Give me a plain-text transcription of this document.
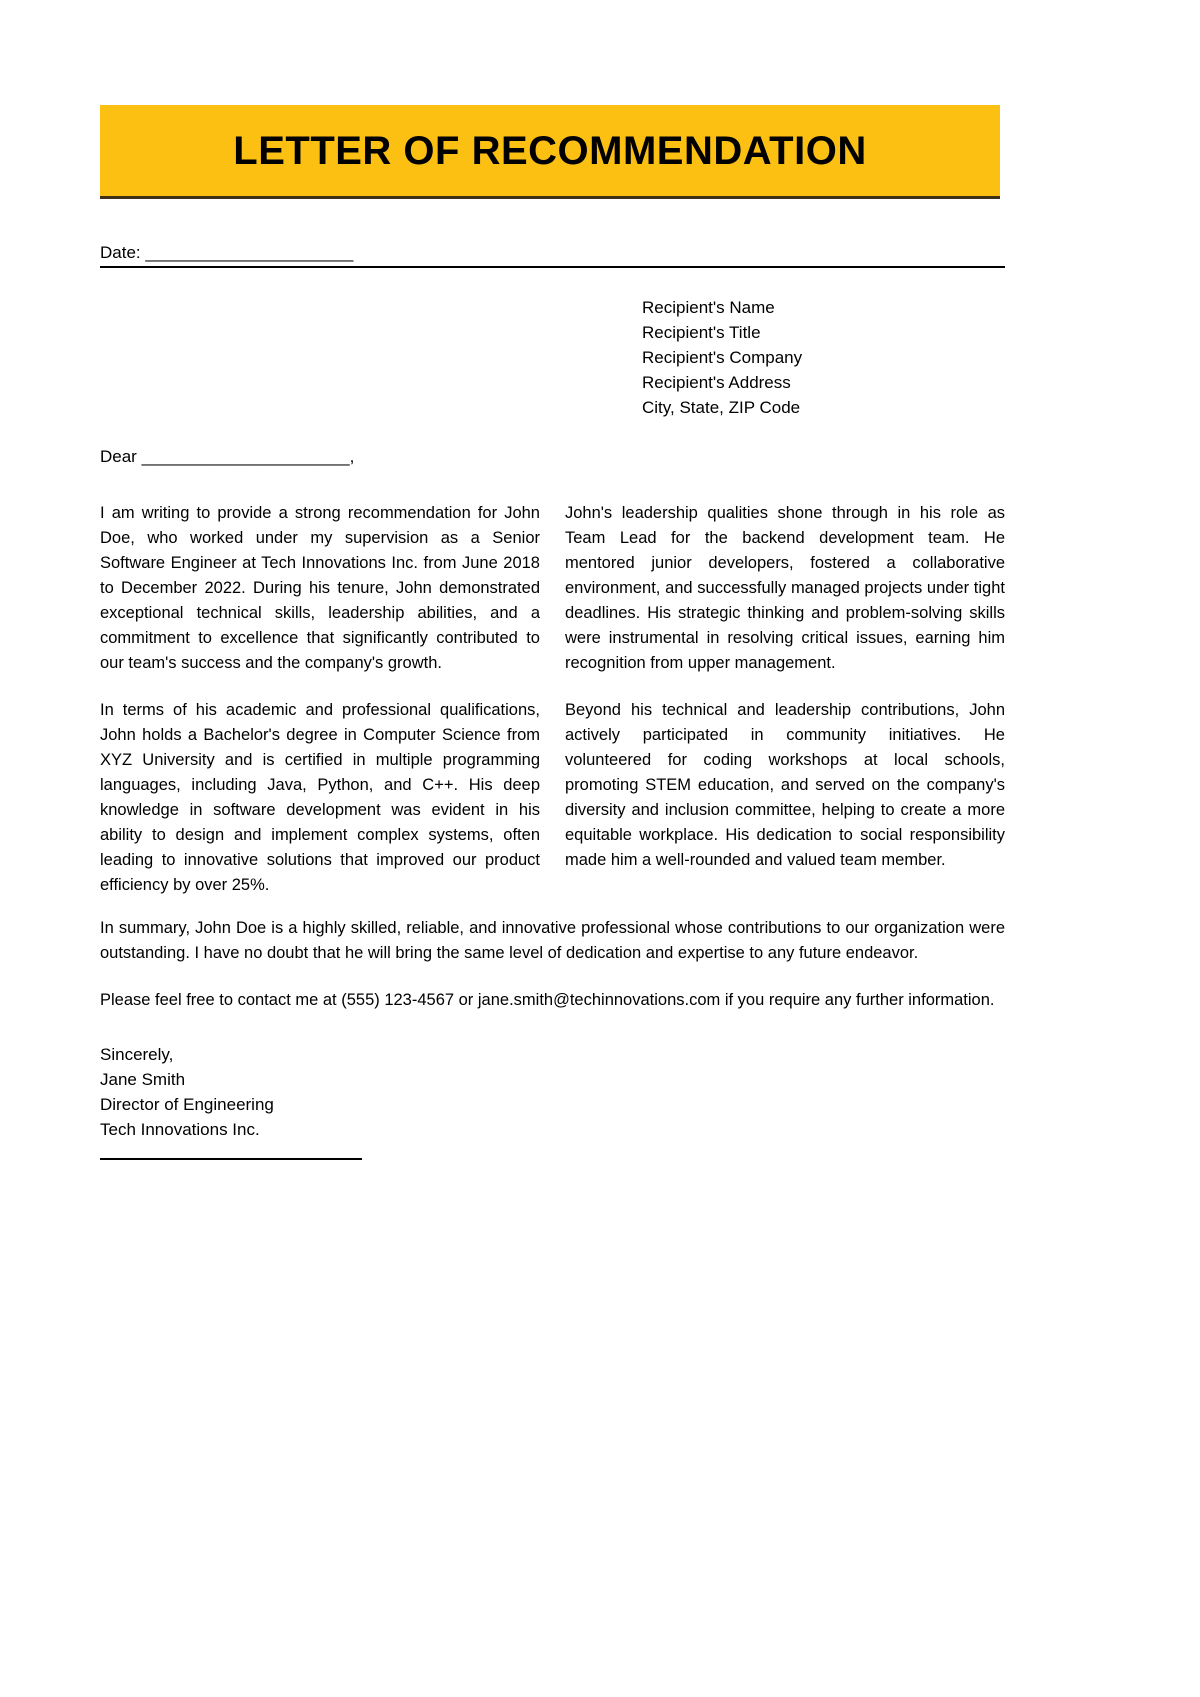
LETTER OF RECOMMENDATION
Date: ______________________
Recipient's Name
Recipient's Title
Recipient's Company
Recipient's Address
City, State, ZIP Code
Dear ______________________,

I am writing to provide a strong recommendation for John Doe, who worked under my supervision as a Senior Software Engineer at Tech Innovations Inc. from June 2018 to December 2022. During his tenure, John demonstrated exceptional technical skills, leadership abilities, and a commitment to excellence that significantly contributed to our team's success and the company's growth.

In terms of his academic and professional qualifications, John holds a Bachelor's degree in Computer Science from XYZ University and is certified in multiple programming languages, including Java, Python, and C++. His deep knowledge in software development was evident in his ability to design and implement complex systems, often leading to innovative solutions that improved our product efficiency by over 25%.

John's leadership qualities shone through in his role as Team Lead for the backend development team. He mentored junior developers, fostered a collaborative environment, and successfully managed projects under tight deadlines. His strategic thinking and problem-solving skills were instrumental in resolving critical issues, earning him recognition from upper management.

Beyond his technical and leadership contributions, John actively participated in community initiatives. He volunteered for coding workshops at local schools, promoting STEM education, and served on the company's diversity and inclusion committee, helping to create a more equitable workplace. His dedication to social responsibility made him a well-rounded and valued team member.

In summary, John Doe is a highly skilled, reliable, and innovative professional whose contributions to our organization were outstanding. I have no doubt that he will bring the same level of dedication and expertise to any future endeavor.

Please feel free to contact me at (555) 123-4567 or jane.smith@techinnovations.com if you require any further information.

Sincerely,
Jane Smith
Director of Engineering
Tech Innovations Inc.
